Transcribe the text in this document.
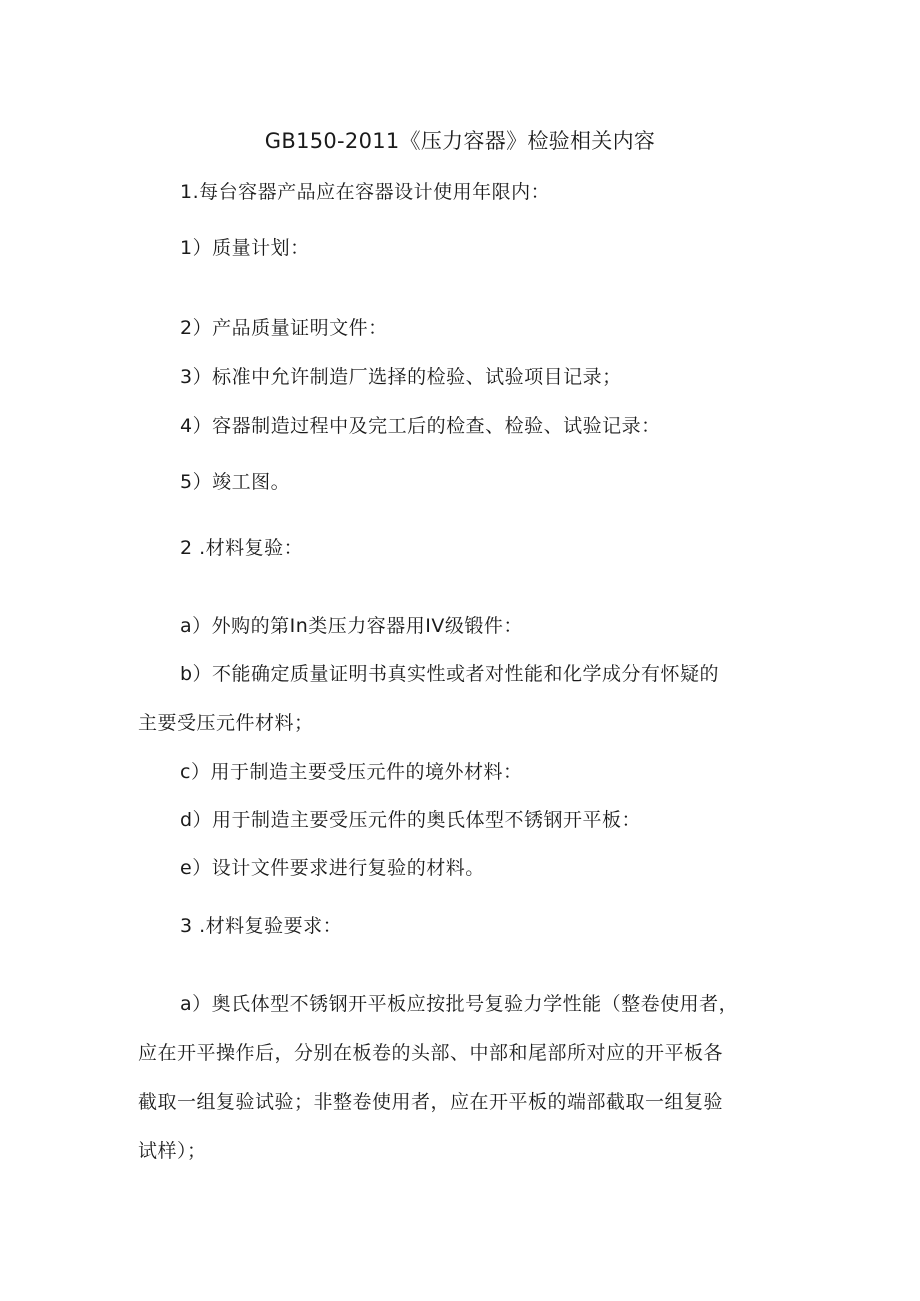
GB150-2011《压力容器》检验相关内容
1.每台容器产品应在容器设计使用年限内：
1）质量计划：
2）产品质量证明文件：
3）标准中允许制造厂选择的检验、试验项目记录；
4）容器制造过程中及完工后的检查、检验、试验记录：
5）竣工图。
2 .材料复验：
a）外购的第In类压力容器用IV级锻件：
b）不能确定质量证明书真实性或者对性能和化学成分有怀疑的
主要受压元件材料；
c）用于制造主要受压元件的境外材料：
d）用于制造主要受压元件的奥氏体型不锈钢开平板：
e）设计文件要求进行复验的材料。
3 .材料复验要求：
a）奥氏体型不锈钢开平板应按批号复验力学性能（整卷使用者，
应在开平操作后，分别在板卷的头部、中部和尾部所对应的开平板各
截取一组复验试验；非整卷使用者，应在开平板的端部截取一组复验
试样）；
